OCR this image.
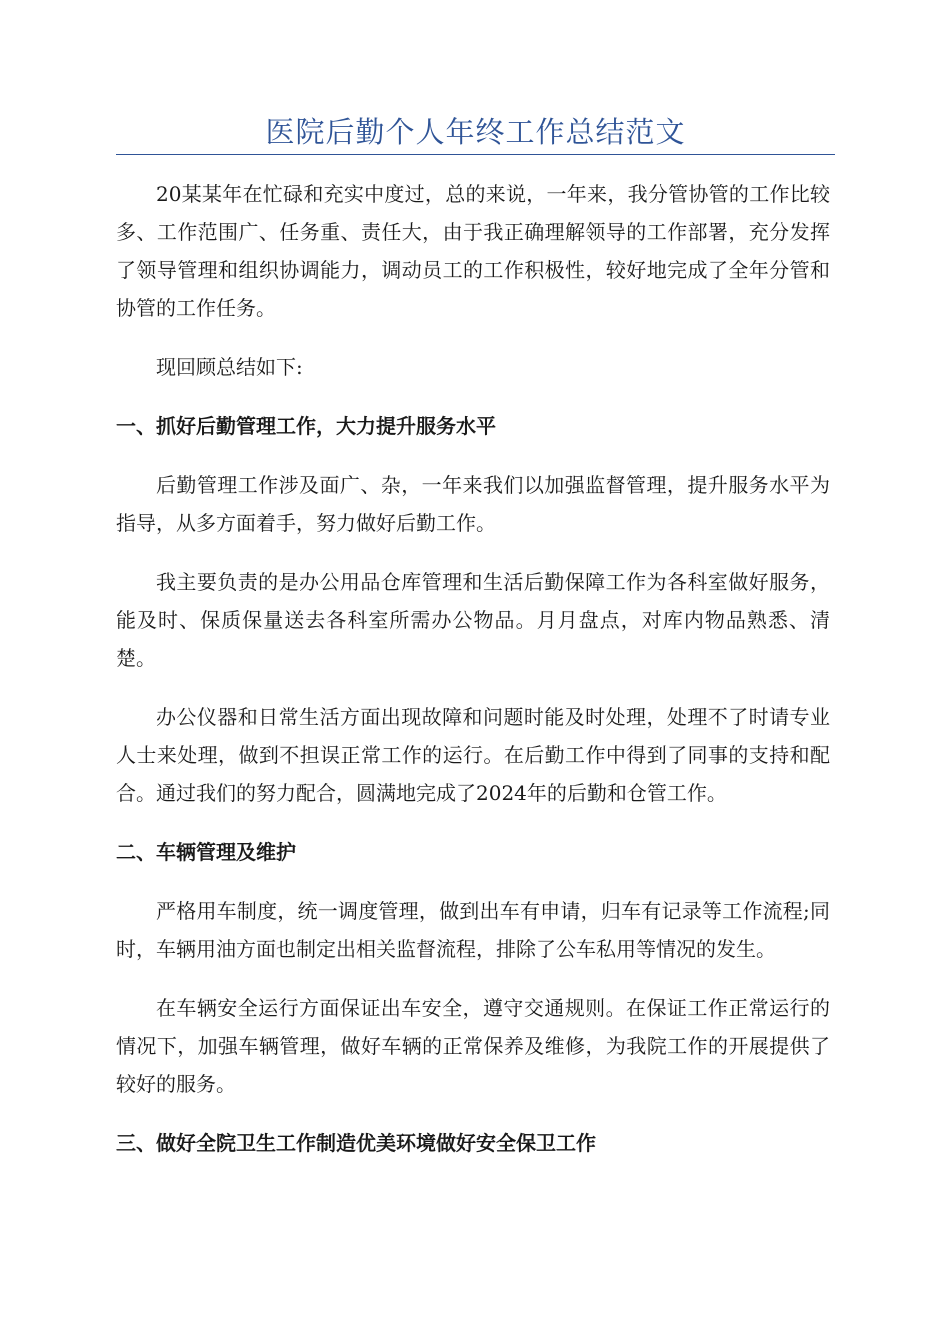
医院后勤个人年终工作总结范文

20某某年在忙碌和充实中度过，总的来说，一年来，我分管协管的工作比较多、工作范围广、任务重、责任大，由于我正确理解领导的工作部署，充分发挥了领导管理和组织协调能力，调动员工的工作积极性，较好地完成了全年分管和协管的工作任务。

现回顾总结如下:

一、抓好后勤管理工作，大力提升服务水平

后勤管理工作涉及面广、杂，一年来我们以加强监督管理，提升服务水平为指导，从多方面着手，努力做好后勤工作。

我主要负责的是办公用品仓库管理和生活后勤保障工作为各科室做好服务，能及时、保质保量送去各科室所需办公物品。月月盘点，对库内物品熟悉、清楚。

办公仪器和日常生活方面出现故障和问题时能及时处理，处理不了时请专业人士来处理，做到不担误正常工作的运行。在后勤工作中得到了同事的支持和配合。通过我们的努力配合，圆满地完成了2024年的后勤和仓管工作。

二、车辆管理及维护

严格用车制度，统一调度管理，做到出车有申请，归车有记录等工作流程;同时，车辆用油方面也制定出相关监督流程，排除了公车私用等情况的发生。

在车辆安全运行方面保证出车安全，遵守交通规则。在保证工作正常运行的情况下，加强车辆管理，做好车辆的正常保养及维修，为我院工作的开展提供了较好的服务。

三、做好全院卫生工作制造优美环境做好安全保卫工作
